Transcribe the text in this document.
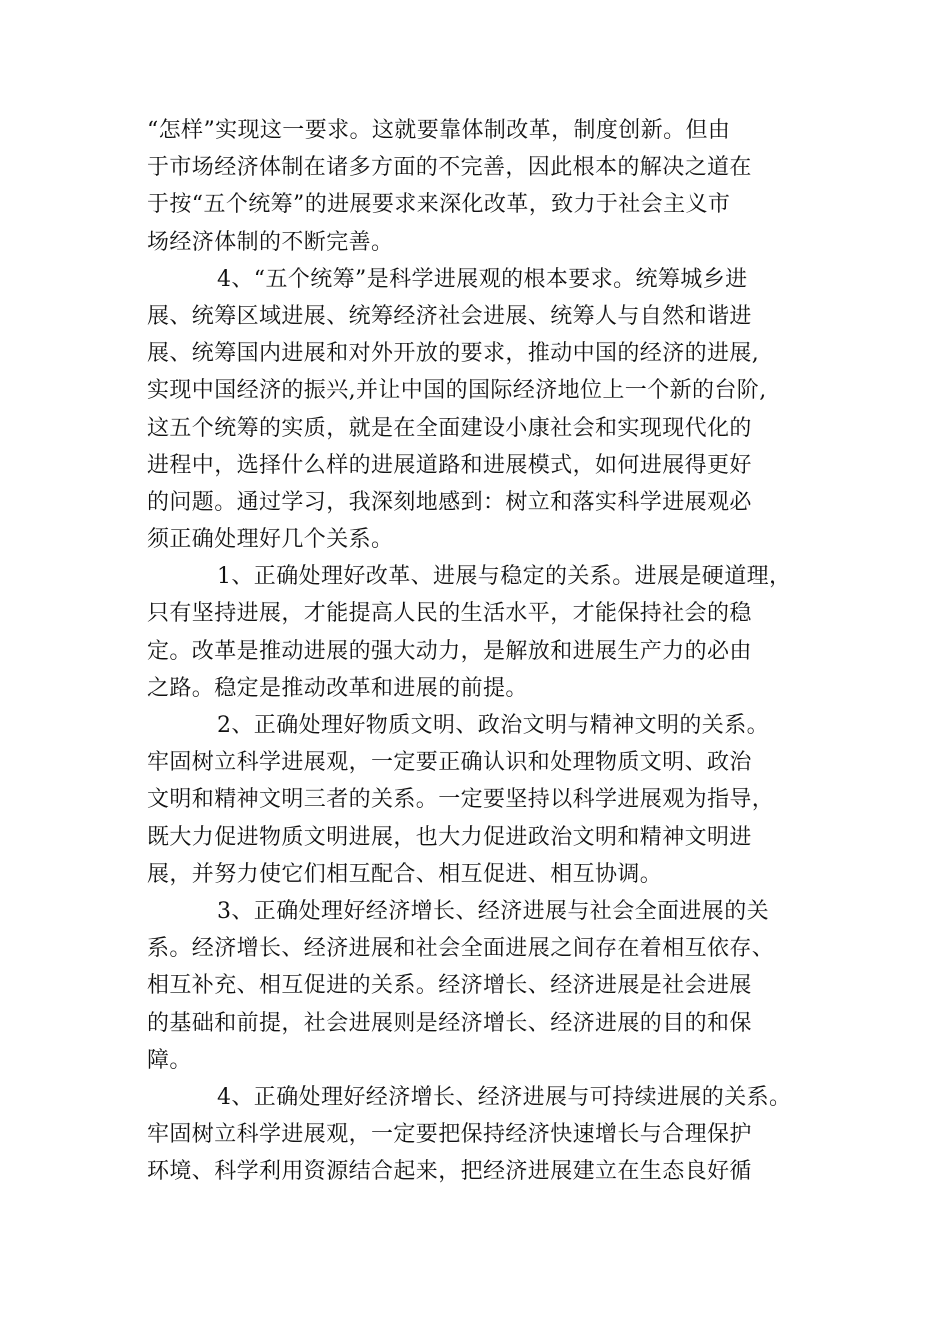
“怎样”实现这一要求。这就要靠体制改革，制度创新。但由
于市场经济体制在诸多方面的不完善，因此根本的解决之道在
于按“五个统筹”的进展要求来深化改革，致力于社会主义市
场经济体制的不断完善。
4、“五个统筹”是科学进展观的根本要求。统筹城乡进
展、统筹区域进展、统筹经济社会进展、统筹人与自然和谐进
展、统筹国内进展和对外开放的要求，推动中国的经济的进展,
实现中国经济的振兴,并让中国的国际经济地位上一个新的台阶,
这五个统筹的实质，就是在全面建设小康社会和实现现代化的
进程中，选择什么样的进展道路和进展模式，如何进展得更好
的问题。通过学习，我深刻地感到：树立和落实科学进展观必
须正确处理好几个关系。
1、正确处理好改革、进展与稳定的关系。进展是硬道理，
只有坚持进展，才能提高人民的生活水平，才能保持社会的稳
定。改革是推动进展的强大动力，是解放和进展生产力的必由
之路。稳定是推动改革和进展的前提。
2、正确处理好物质文明、政治文明与精神文明的关系。
牢固树立科学进展观，一定要正确认识和处理物质文明、政治
文明和精神文明三者的关系。一定要坚持以科学进展观为指导，
既大力促进物质文明进展，也大力促进政治文明和精神文明进
展，并努力使它们相互配合、相互促进、相互协调。
3、正确处理好经济增长、经济进展与社会全面进展的关
系。经济增长、经济进展和社会全面进展之间存在着相互依存、
相互补充、相互促进的关系。经济增长、经济进展是社会进展
的基础和前提，社会进展则是经济增长、经济进展的目的和保
障。
4、正确处理好经济增长、经济进展与可持续进展的关系。
牢固树立科学进展观，一定要把保持经济快速增长与合理保护
环境、科学利用资源结合起来，把经济进展建立在生态良好循
